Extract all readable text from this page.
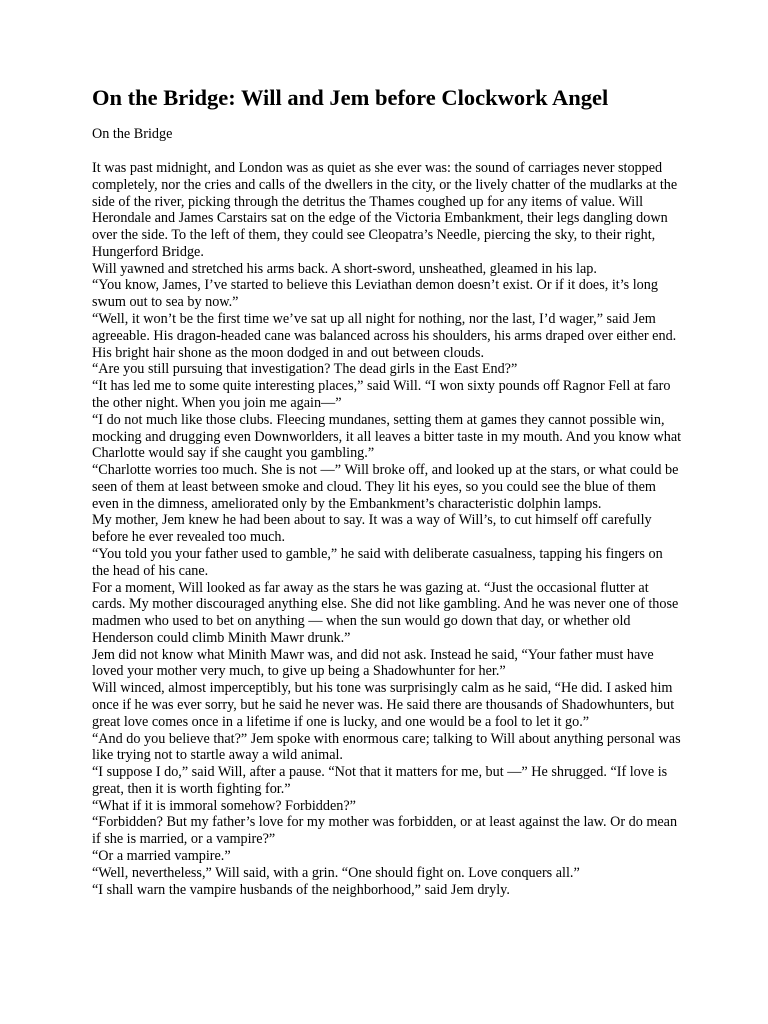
On the Bridge: Will and Jem before Clockwork Angel

On the Bridge

It was past midnight, and London was as quiet as she ever was: the sound of carriages never stopped completely, nor the cries and calls of the dwellers in the city, or the lively chatter of the mudlarks at the side of the river, picking through the detritus the Thames coughed up for any items of value. Will Herondale and James Carstairs sat on the edge of the Victoria Embankment, their legs dangling down over the side. To the left of them, they could see Cleopatra’s Needle, piercing the sky, to their right, Hungerford Bridge.

Will yawned and stretched his arms back. A short-sword, unsheathed, gleamed in his lap.

“You know, James, I’ve started to believe this Leviathan demon doesn’t exist. Or if it does, it’s long swum out to sea by now.”

“Well, it won’t be the first time we’ve sat up all night for nothing, nor the last, I’d wager,” said Jem agreeable. His dragon-headed cane was balanced across his shoulders, his arms draped over either end. His bright hair shone as the moon dodged in and out between clouds.

“Are you still pursuing that investigation? The dead girls in the East End?”

“It has led me to some quite interesting places,” said Will. “I won sixty pounds off Ragnor Fell at faro the other night. When you join me again—”

“I do not much like those clubs. Fleecing mundanes, setting them at games they cannot possible win, mocking and drugging even Downworlders, it all leaves a bitter taste in my mouth. And you know what Charlotte would say if she caught you gambling.”

“Charlotte worries too much. She is not —” Will broke off, and looked up at the stars, or what could be seen of them at least between smoke and cloud. They lit his eyes, so you could see the blue of them even in the dimness, ameliorated only by the Embankment’s characteristic dolphin lamps.

My mother, Jem knew he had been about to say. It was a way of Will’s, to cut himself off carefully before he ever revealed too much.

“You told you your father used to gamble,” he said with deliberate casualness, tapping his fingers on the head of his cane.

For a moment, Will looked as far away as the stars he was gazing at. “Just the occasional flutter at cards. My mother discouraged anything else. She did not like gambling. And he was never one of those madmen who used to bet on anything — when the sun would go down that day, or whether old Henderson could climb Minith Mawr drunk.”

Jem did not know what Minith Mawr was, and did not ask. Instead he said, “Your father must have loved your mother very much, to give up being a Shadowhunter for her.”

Will winced, almost imperceptibly, but his tone was surprisingly calm as he said, “He did. I asked him once if he was ever sorry, but he said he never was. He said there are thousands of Shadowhunters, but great love comes once in a lifetime if one is lucky, and one would be a fool to let it go.”

“And do you believe that?” Jem spoke with enormous care; talking to Will about anything personal was like trying not to startle away a wild animal.

“I suppose I do,” said Will, after a pause. “Not that it matters for me, but —” He shrugged. “If love is great, then it is worth fighting for.”

“What if it is immoral somehow? Forbidden?”

“Forbidden? But my father’s love for my mother was forbidden, or at least against the law. Or do mean if she is married, or a vampire?”

“Or a married vampire.”

“Well, nevertheless,” Will said, with a grin. “One should fight on. Love conquers all.”

“I shall warn the vampire husbands of the neighborhood,” said Jem dryly.
